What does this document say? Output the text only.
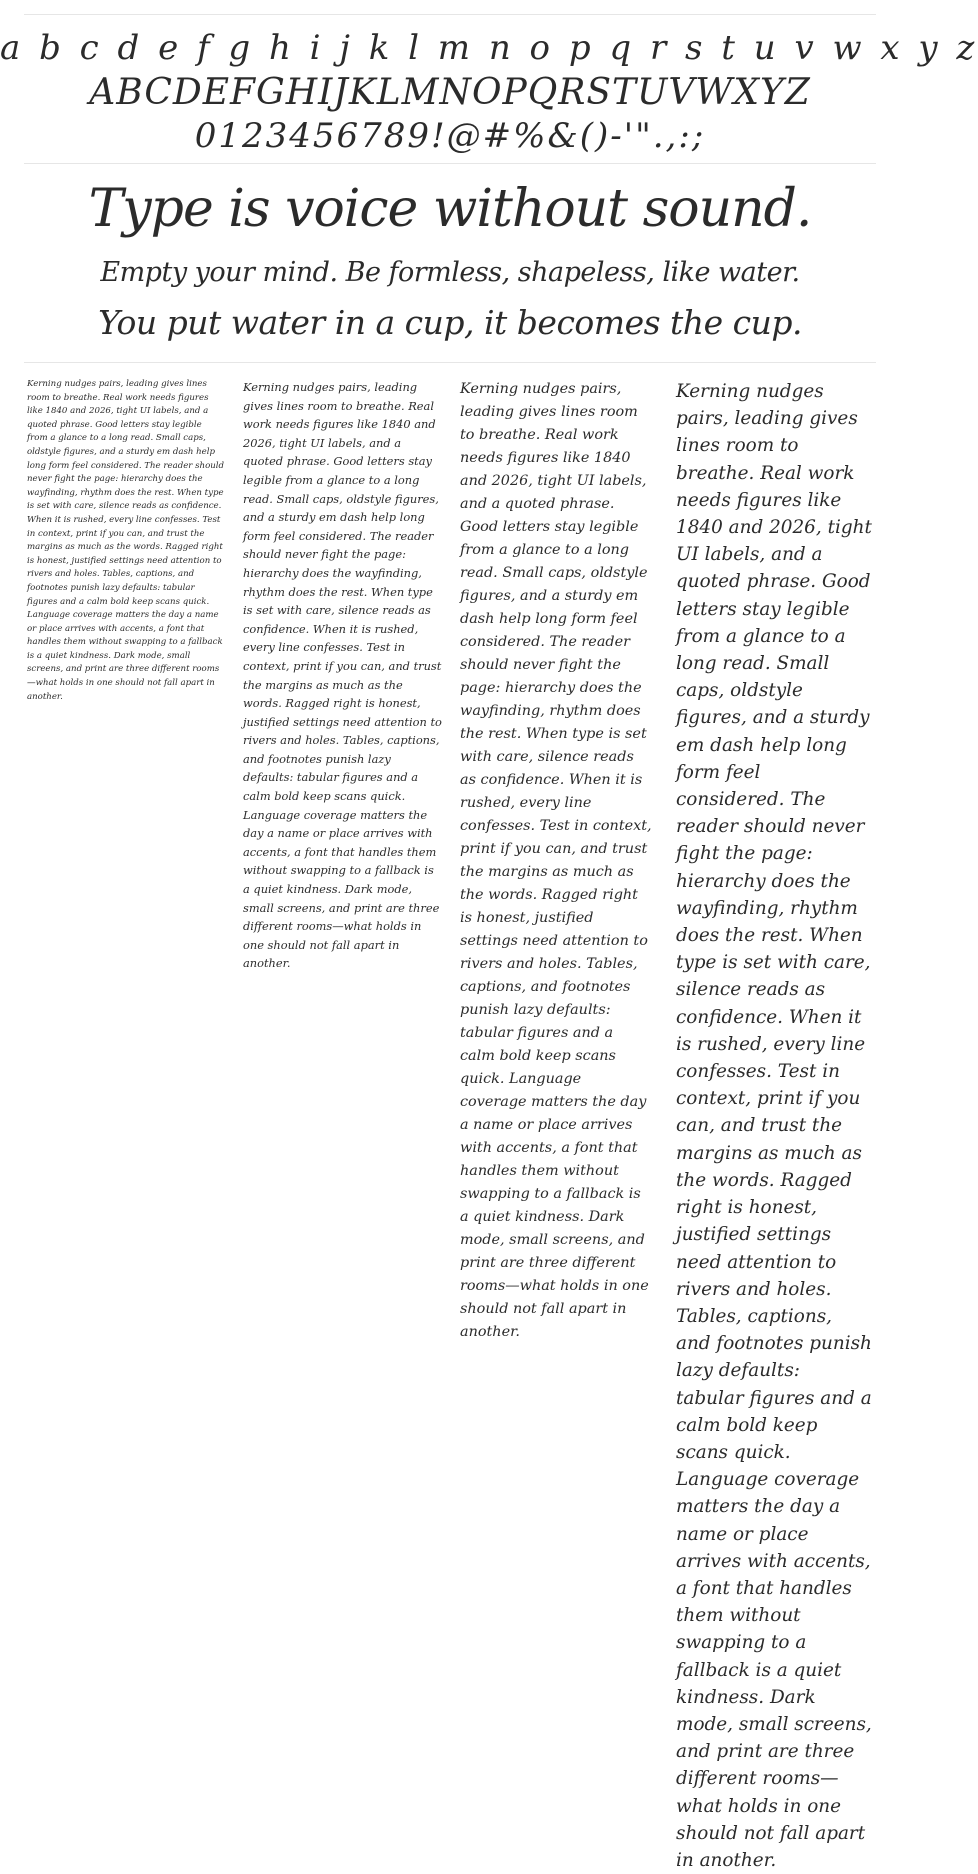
a b c d e f g h i j k l m n o p q r s t u v w x y z
ABCDEFGHIJKLMNOPQRSTUVWXYZ
0123456789!@#%&()-'".,:;
Type is voice without sound.
Empty your mind. Be formless, shapeless, like water.
You put water in a cup, it becomes the cup.
Kerning nudges pairs, leading gives lines room to breathe. Real work needs figures like 1840 and 2026, tight UI labels, and a quoted phrase. Good letters stay legible from a glance to a long read. Small caps, oldstyle figures, and a sturdy em dash help long form feel considered. The reader should never fight the page: hierarchy does the wayfinding, rhythm does the rest. When type is set with care, silence reads as confidence. When it is rushed, every line confesses. Test in context, print if you can, and trust the margins as much as the words. Ragged right is honest, justified settings need attention to rivers and holes. Tables, captions, and footnotes punish lazy defaults: tabular figures and a calm bold keep scans quick. Language coverage matters the day a name or place arrives with accents, a font that handles them without swapping to a fallback is a quiet kindness. Dark mode, small screens, and print are three different rooms—what holds in one should not fall apart in another.
Kerning nudges pairs, leading gives lines room to breathe. Real work needs figures like 1840 and 2026, tight UI labels, and a quoted phrase. Good letters stay legible from a glance to a long read. Small caps, oldstyle figures, and a sturdy em dash help long form feel considered. The reader should never fight the page: hierarchy does the wayfinding, rhythm does the rest. When type is set with care, silence reads as confidence. When it is rushed, every line confesses. Test in context, print if you can, and trust the margins as much as the words. Ragged right is honest, justified settings need attention to rivers and holes. Tables, captions, and footnotes punish lazy defaults: tabular figures and a calm bold keep scans quick. Language coverage matters the day a name or place arrives with accents, a font that handles them without swapping to a fallback is a quiet kindness. Dark mode, small screens, and print are three different rooms—what holds in one should not fall apart in another.
Kerning nudges pairs, leading gives lines room to breathe. Real work needs figures like 1840 and 2026, tight UI labels, and a quoted phrase. Good letters stay legible from a glance to a long read. Small caps, oldstyle figures, and a sturdy em dash help long form feel considered. The reader should never fight the page: hierarchy does the wayfinding, rhythm does the rest. When type is set with care, silence reads as confidence. When it is rushed, every line confesses. Test in context, print if you can, and trust the margins as much as the words. Ragged right is honest, justified settings need attention to rivers and holes. Tables, captions, and footnotes punish lazy defaults: tabular figures and a calm bold keep scans quick. Language coverage matters the day a name or place arrives with accents, a font that handles them without swapping to a fallback is a quiet kindness. Dark mode, small screens, and print are three different rooms—what holds in one should not fall apart in another.
Kerning nudges pairs, leading gives lines room to breathe. Real work needs figures like 1840 and 2026, tight UI labels, and a quoted phrase. Good letters stay legible from a glance to a long read. Small caps, oldstyle figures, and a sturdy em dash help long form feel considered. The reader should never fight the page: hierarchy does the wayfinding, rhythm does the rest. When type is set with care, silence reads as confidence. When it is rushed, every line confesses. Test in context, print if you can, and trust the margins as much as the words. Ragged right is honest, justified settings need attention to rivers and holes. Tables, captions, and footnotes punish lazy defaults: tabular figures and a calm bold keep scans quick. Language coverage matters the day a name or place arrives with accents, a font that handles them without swapping to a fallback is a quiet kindness. Dark mode, small screens, and print are three different rooms—what holds in one should not fall apart in another.
